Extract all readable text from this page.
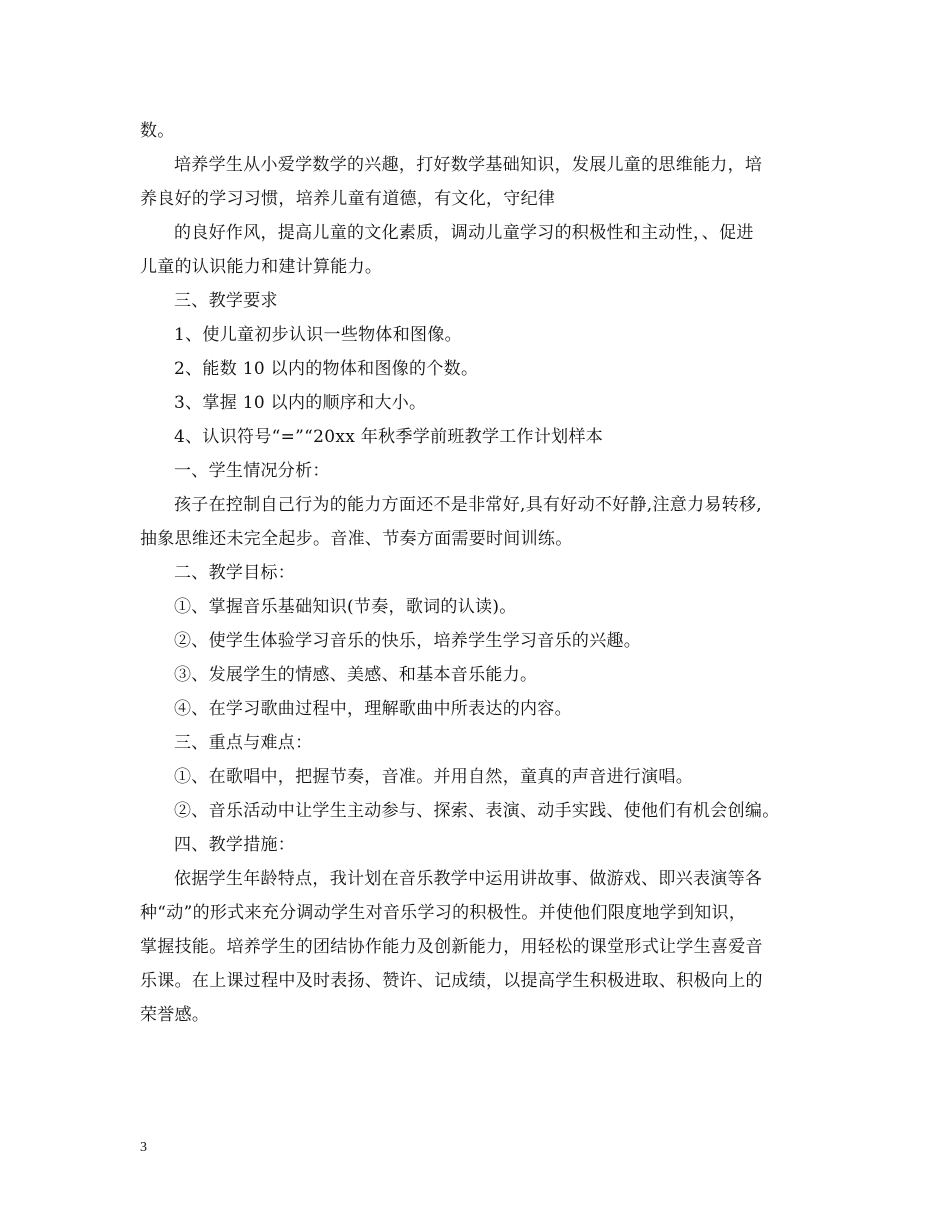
数。
培养学生从小爱学数学的兴趣，打好数学基础知识，发展儿童的思维能力，培
养良好的学习习惯，培养儿童有道德，有文化，守纪律
的良好作风，提高儿童的文化素质，调动儿童学习的积极性和主动性，、促进
儿童的认识能力和建计算能力。
三、教学要求
1、使儿童初步认识一些物体和图像。
2、能数 10 以内的物体和图像的个数。
3、掌握 10 以内的顺序和大小。
4、认识符号“=”“20xx 年秋季学前班教学工作计划样本
一、学生情况分析：
孩子在控制自己行为的能力方面还不是非常好,具有好动不好静,注意力易转移,
抽象思维还未完全起步。音准、节奏方面需要时间训练。
二、教学目标：
①、掌握音乐基础知识(节奏，歌词的认读)。
②、使学生体验学习音乐的快乐，培养学生学习音乐的兴趣。
③、发展学生的情感、美感、和基本音乐能力。
④、在学习歌曲过程中，理解歌曲中所表达的内容。
三、重点与难点：
①、在歌唱中，把握节奏，音准。并用自然，童真的声音进行演唱。
②、音乐活动中让学生主动参与、探索、表演、动手实践、使他们有机会创编。
四、教学措施：
依据学生年龄特点，我计划在音乐教学中运用讲故事、做游戏、即兴表演等各
种“动”的形式来充分调动学生对音乐学习的积极性。并使他们限度地学到知识，
掌握技能。培养学生的团结协作能力及创新能力，用轻松的课堂形式让学生喜爱音
乐课。在上课过程中及时表扬、赞许、记成绩，以提高学生积极进取、积极向上的
荣誉感。
3
